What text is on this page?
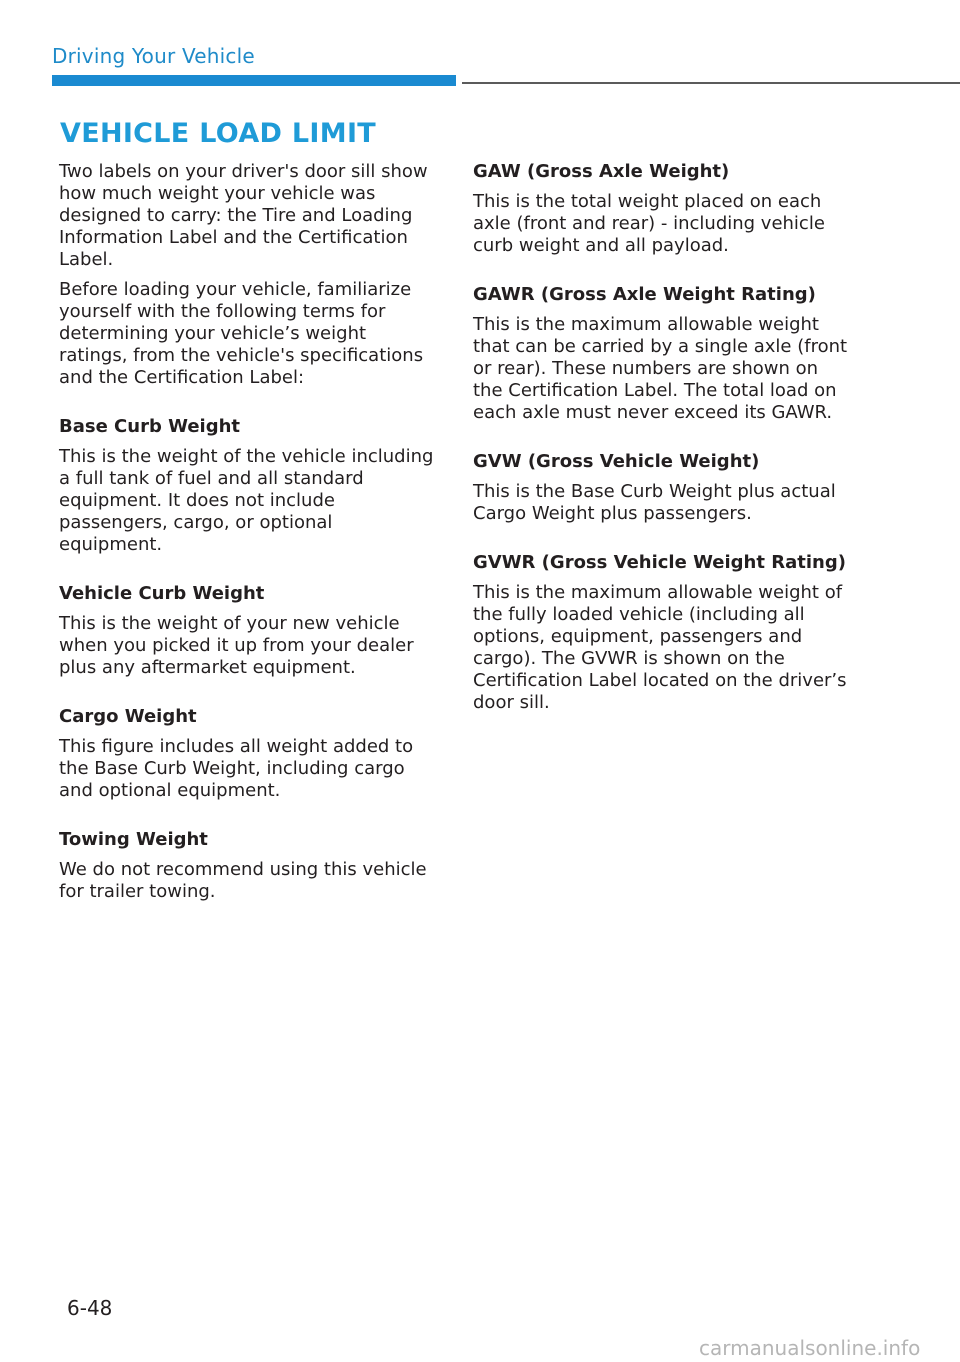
Driving Your Vehicle
VEHICLE LOAD LIMIT

Two labels on your driver's door sill show how much weight your vehicle was designed to carry: the Tire and Loading Information Label and the Certification Label.

Before loading your vehicle, familiarize yourself with the following terms for determining your vehicle’s weight ratings, from the vehicle's specifications and the Certification Label:

Base Curb Weight

This is the weight of the vehicle including a full tank of fuel and all standard equipment. It does not include passengers, cargo, or optional equipment.

Vehicle Curb Weight

This is the weight of your new vehicle when you picked it up from your dealer plus any aftermarket equipment.

Cargo Weight

This figure includes all weight added to the Base Curb Weight, including cargo and optional equipment.

Towing Weight

We do not recommend using this vehicle for trailer towing.

GAW (Gross Axle Weight)

This is the total weight placed on each axle (front and rear) - including vehicle curb weight and all payload.

GAWR (Gross Axle Weight Rating)

This is the maximum allowable weight that can be carried by a single axle (front or rear). These numbers are shown on the Certification Label. The total load on each axle must never exceed its GAWR.

GVW (Gross Vehicle Weight)

This is the Base Curb Weight plus actual Cargo Weight plus passengers.

GVWR (Gross Vehicle Weight Rating)

This is the maximum allowable weight of the fully loaded vehicle (including all options, equipment, passengers and cargo). The GVWR is shown on the Certification Label located on the driver’s door sill.

6-48
carmanualsonline.info
